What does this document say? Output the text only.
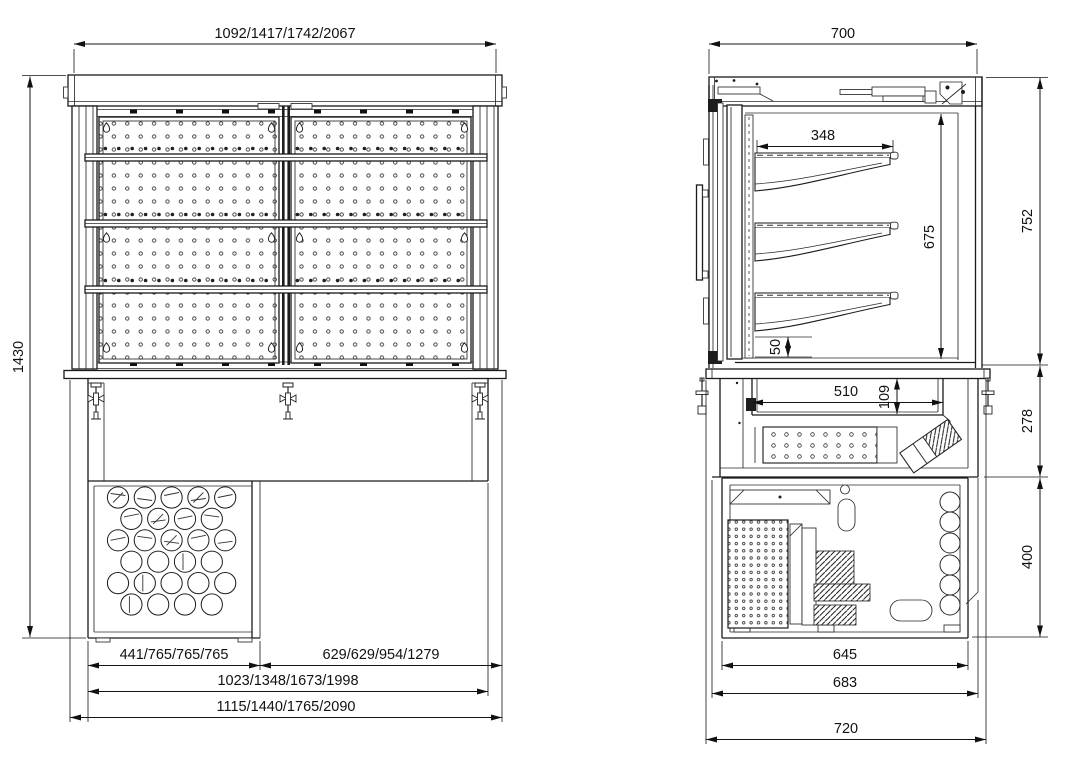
1092/1417/1742/2067
1430
441/765/765/765	629/629/954/1279
1023/1348/1673/1998
1115/1440/1765/2090
700
348
675
50
510 109
752
278
400
645
683
720
